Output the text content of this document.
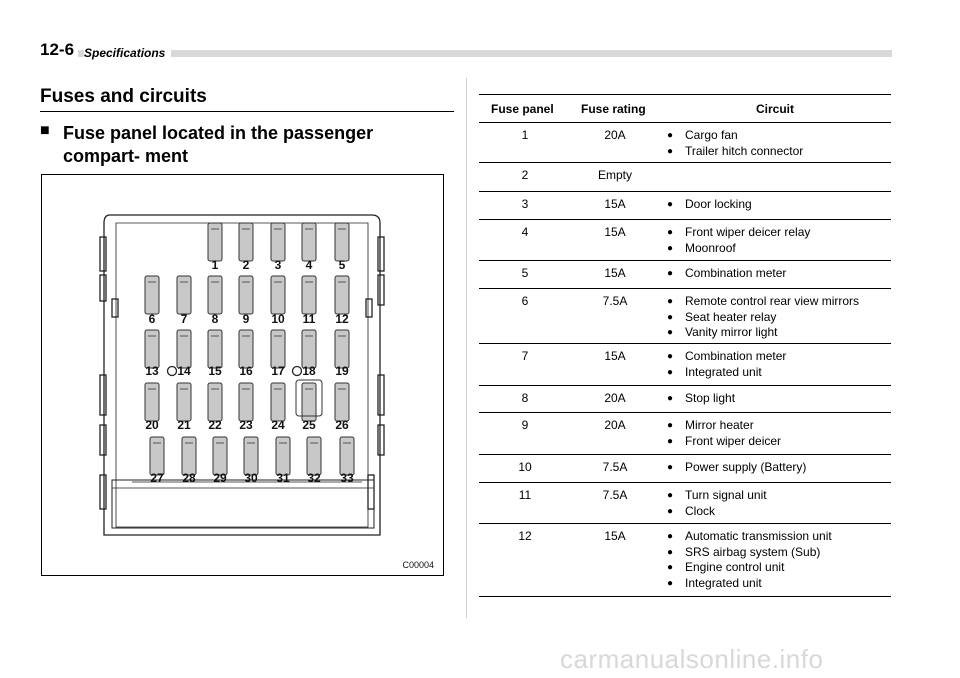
12-6 Specifications
Fuses and circuits
■ Fuse panel located in the passenger compart- ment
1 2 3 4 5
6 7 8 9 10 11 12
13 14 15 16 17 18 19
20 21 22 23 24 25 26
27 28 29 30 31 32 33
C00004
Fuse panel Fuse rating	Circuit
1	20A	● Cargo fan
● Trailer hitch connector
2	Empty
3	15A	● Door locking
4	15A	● Front wiper deicer relay
● Moonroof
5	15A	● Combination meter
6	7.5A	● Remote control rear view mirrors
● Seat heater relay
● Vanity mirror light
7	15A	● Combination meter
● Integrated unit
8	20A	● Stop light
9	20A	● Mirror heater
● Front wiper deicer
10	7.5A	● Power supply (Battery)
11	7.5A	● Turn signal unit
● Clock
12	15A	● Automatic transmission unit
● SRS airbag system (Sub)
● Engine control unit
● Integrated unit
carmanualsonline.info
